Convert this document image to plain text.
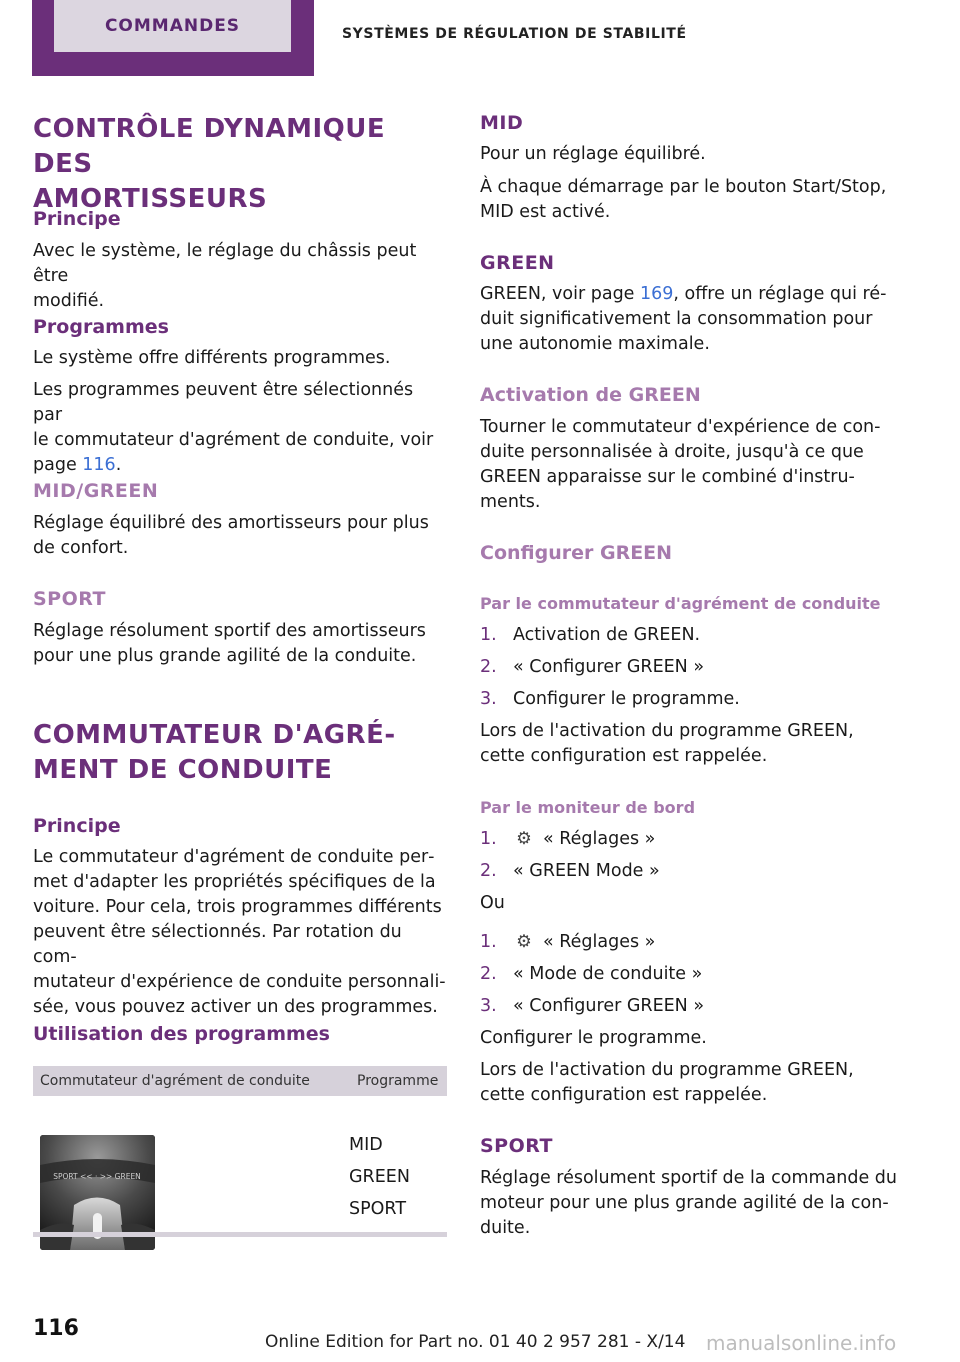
COMMANDES	SYSTÈMES DE RÉGULATION DE STABILITÉ
CONTRÔLE DYNAMIQUE DES
AMORTISSEURS
Principe
Avec le système, le réglage du châssis peut être
modifié.
Programmes
Le système offre différents programmes.
Les programmes peuvent être sélectionnés par
le commutateur d'agrément de conduite, voir
page 116.
MID/GREEN
Réglage équilibré des amortisseurs pour plus
de confort.
SPORT
Réglage résolument sportif des amortisseurs
pour une plus grande agilité de la conduite.
COMMUTATEUR D'AGRÉ‐
MENT DE CONDUITE
Principe
Le commutateur d'agrément de conduite per‐
met d'adapter les propriétés spécifiques de la
voiture. Pour cela, trois programmes différents
peuvent être sélectionnés. Par rotation du com‐
mutateur d'expérience de conduite personnali‐
sée, vous pouvez activer un des programmes.
Utilisation des programmes
Commutateur d'agrément de conduite	Programme
SPORT << · >> GREEN
MID
GREEN
SPORT
MID
Pour un réglage équilibré.
À chaque démarrage par le bouton Start/Stop,
MID est activé.
GREEN
GREEN, voir page 169, offre un réglage qui ré‐
duit significativement la consommation pour
une autonomie maximale.
Activation de GREEN
Tourner le commutateur d'expérience de con‐
duite personnalisée à droite, jusqu'à ce que
GREEN apparaisse sur le combiné d'instru‐
ments.
Configurer GREEN
Par le commutateur d'agrément de conduite
1. Activation de GREEN.
2. « Configurer GREEN »
3. Configurer le programme.
Lors de l'activation du programme GREEN,
cette configuration est rappelée.
Par le moniteur de bord
1.	⚙ « Réglages »
2. « GREEN Mode »
Ou
1.	⚙ « Réglages »
2. « Mode de conduite »
3. « Configurer GREEN »
Configurer le programme.
Lors de l'activation du programme GREEN,
cette configuration est rappelée.
SPORT
Réglage résolument sportif de la commande du
moteur pour une plus grande agilité de la con‐
duite.
116
Online Edition for Part no. 01 40 2 957 281 - X/14 manualsonline.info
